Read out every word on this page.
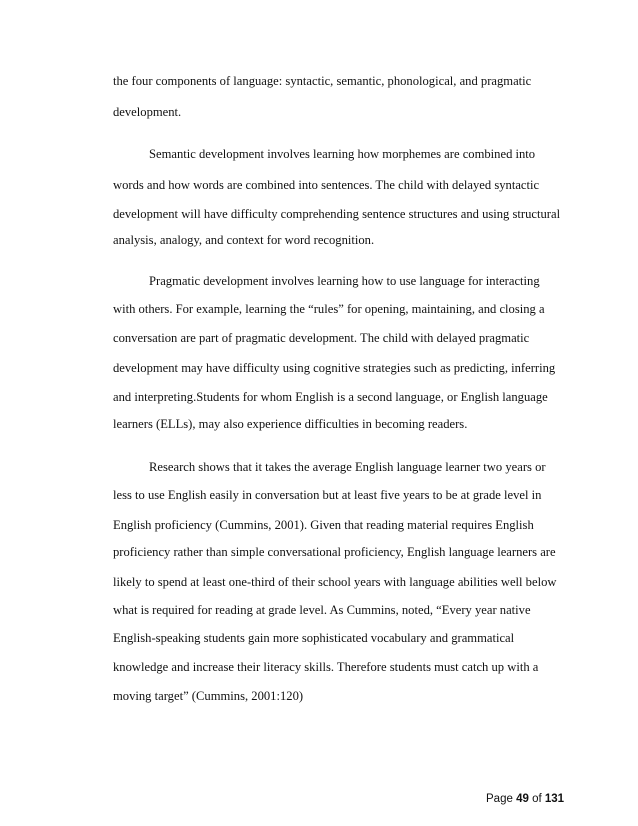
the four components of language: syntactic, semantic, phonological, and pragmatic
development.
Semantic development involves learning how morphemes are combined into
words and how words are combined into sentences. The child with delayed syntactic
development will have difficulty comprehending sentence structures and using structural
analysis, analogy, and context for word recognition.
Pragmatic development involves learning how to use language for interacting
with others. For example, learning the “rules” for opening, maintaining, and closing a
conversation are part of pragmatic development. The child with delayed pragmatic
development may have difficulty using cognitive strategies such as predicting, inferring
and interpreting.Students for whom English is a second language, or English language
learners (ELLs), may also experience difficulties in becoming readers.
Research shows that it takes the average English language learner two years or
less to use English easily in conversation but at least five years to be at grade level in
English proficiency (Cummins, 2001). Given that reading material requires English
proficiency rather than simple conversational proficiency, English language learners are
likely to spend at least one-third of their school years with language abilities well below
what is required for reading at grade level. As Cummins, noted, “Every year native
English-speaking students gain more sophisticated vocabulary and grammatical
knowledge and increase their literacy skills. Therefore students must catch up with a
moving target” (Cummins, 2001:120)
Page 49 of 131
